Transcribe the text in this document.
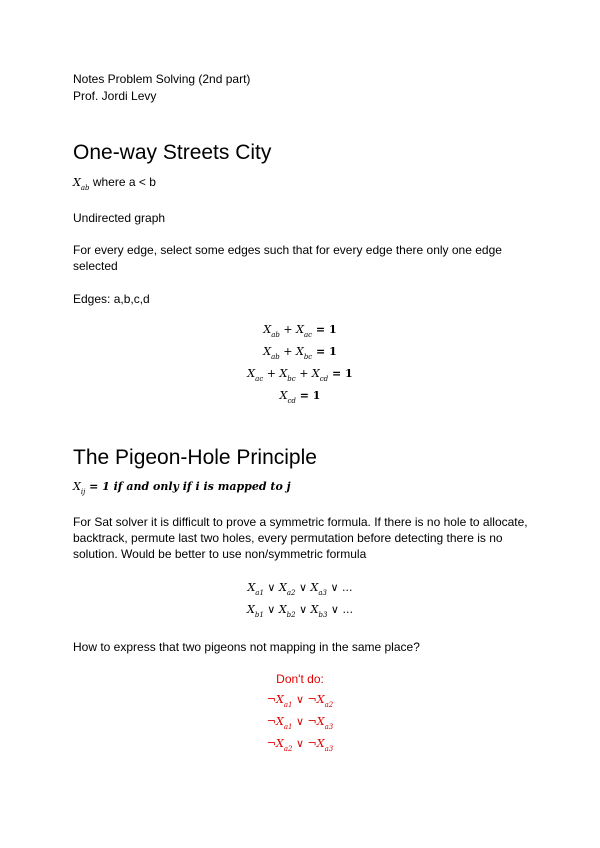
Notes Problem Solving (2nd part)
Prof. Jordi Levy
One-way Streets City
$X_{ab}$ where a < b
Undirected graph
For every edge, select some edges such that for every edge there only one edge selected
Edges: a,b,c,d
$X_{ab} + X_{ac} = 1$
$X_{ab} + X_{bc} = 1$
$X_{ac} + X_{bc} + X_{cd} = 1$
$X_{cd} = 1$
The Pigeon-Hole Principle
$X_{ij} = 1$ if and only if i is mapped to j
For Sat solver it is difficult to prove a symmetric formula. If there is no hole to allocate, backtrack, permute last two holes, every permutation before detecting there is no solution. Would be better to use non/symmetric formula
$X_{a1}$ ∨ $X_{a2}$ ∨ $X_{a3}$ ∨ ...
$X_{b1}$ ∨ $X_{b2}$ ∨ $X_{b3}$ ∨ ...
How to express that two pigeons not mapping in the same place?
Don't do:
$\neg X_{a1}$ ∨ $\neg X_{a2}$
$\neg X_{a1}$ ∨ $\neg X_{a3}$
$\neg X_{a2}$ ∨ $\neg X_{a3}$
